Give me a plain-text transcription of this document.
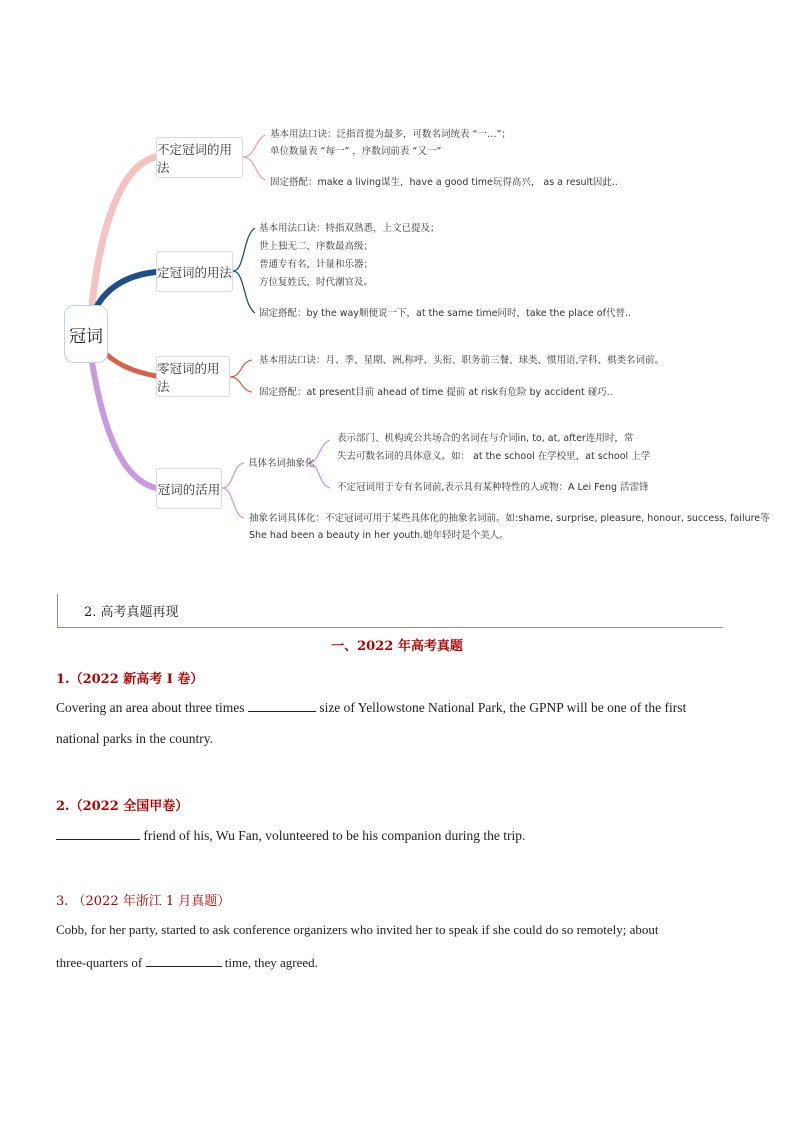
冠词
不定冠词的用法
基本用法口诀：泛指首提为最多，可数名词统表 “一…”；
单位数量表 “每一” ，序数词前表 “又一”
固定搭配：make a living谋生，have a good time玩得高兴， as a result因此..
定冠词的用法
基本用法口诀：特指双熟悉，上文已提及；
世上独无二，序数最高级；
普通专有名，计量和乐器；
方位复姓氏，时代潮官及。
固定搭配：by the way顺便说一下，at the same time同时，take the place of代替..
零冠词的用法
基本用法口诀：月、季、星期、洲,称呼、头衔、职务前三餐、球类、惯用语,学科、棋类名词前。
固定搭配：at present目前 ahead of time 提前 at risk有危险 by accident 碰巧..
冠词的活用
具体名词抽象化
表示部门、机构或公共场合的名词在与介词in, to, at, after连用时，常
失去可数名词的具体意义。如： at the school 在学校里，at school 上学
不定冠词用于专有名词前,表示具有某种特性的人或物：A Lei Feng 活雷锋
抽象名词具体化：不定冠词可用于某些具体化的抽象名词前。如:shame, surprise, pleasure, honour, success, failure等
She had been a beauty in her youth.她年轻时是个美人。
2. 高考真题再现
一、2022 年高考真题
1.（2022 新高考 I 卷）
Covering an area about three times	size of Yellowstone National Park, the GPNP will be one of the first
national parks in the country.
2.（2022 全国甲卷）
friend of his, Wu Fan, volunteered to be his companion during the trip.
3. （2022 年浙江 1 月真题）
Cobb, for her party, started to ask conference organizers who invited her to speak if she could do so remotely; about
three-quarters of	time, they agreed.
